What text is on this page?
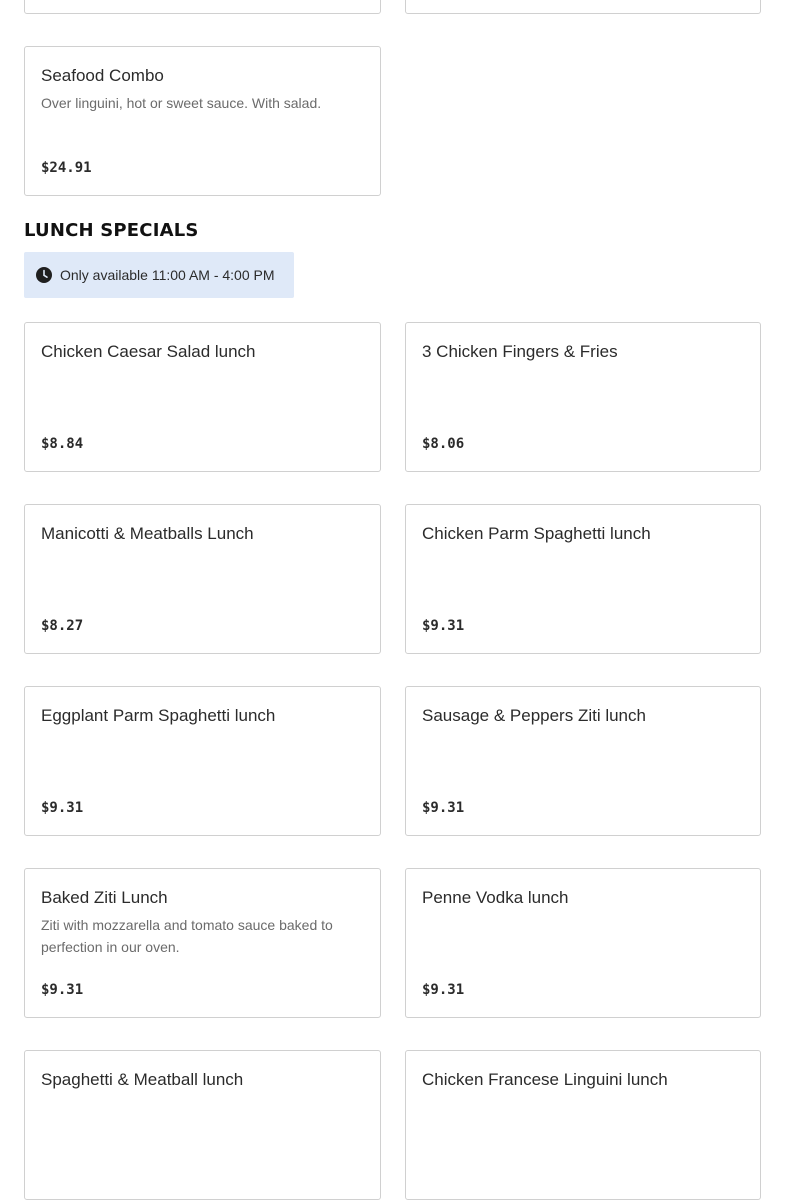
Seafood Combo
Over linguini, hot or sweet sauce. With salad.
$24.91
LUNCH SPECIALS
Only available 11:00 AM - 4:00 PM
Chicken Caesar Salad lunch
$8.84
3 Chicken Fingers & Fries
$8.06
Manicotti & Meatballs Lunch
$8.27
Chicken Parm Spaghetti lunch
$9.31
Eggplant Parm Spaghetti lunch
$9.31
Sausage & Peppers Ziti lunch
$9.31
Baked Ziti Lunch
Ziti with mozzarella and tomato sauce baked to perfection in our oven.
$9.31
Penne Vodka lunch
$9.31
Spaghetti & Meatball lunch	Chicken Francese Linguini lunch
